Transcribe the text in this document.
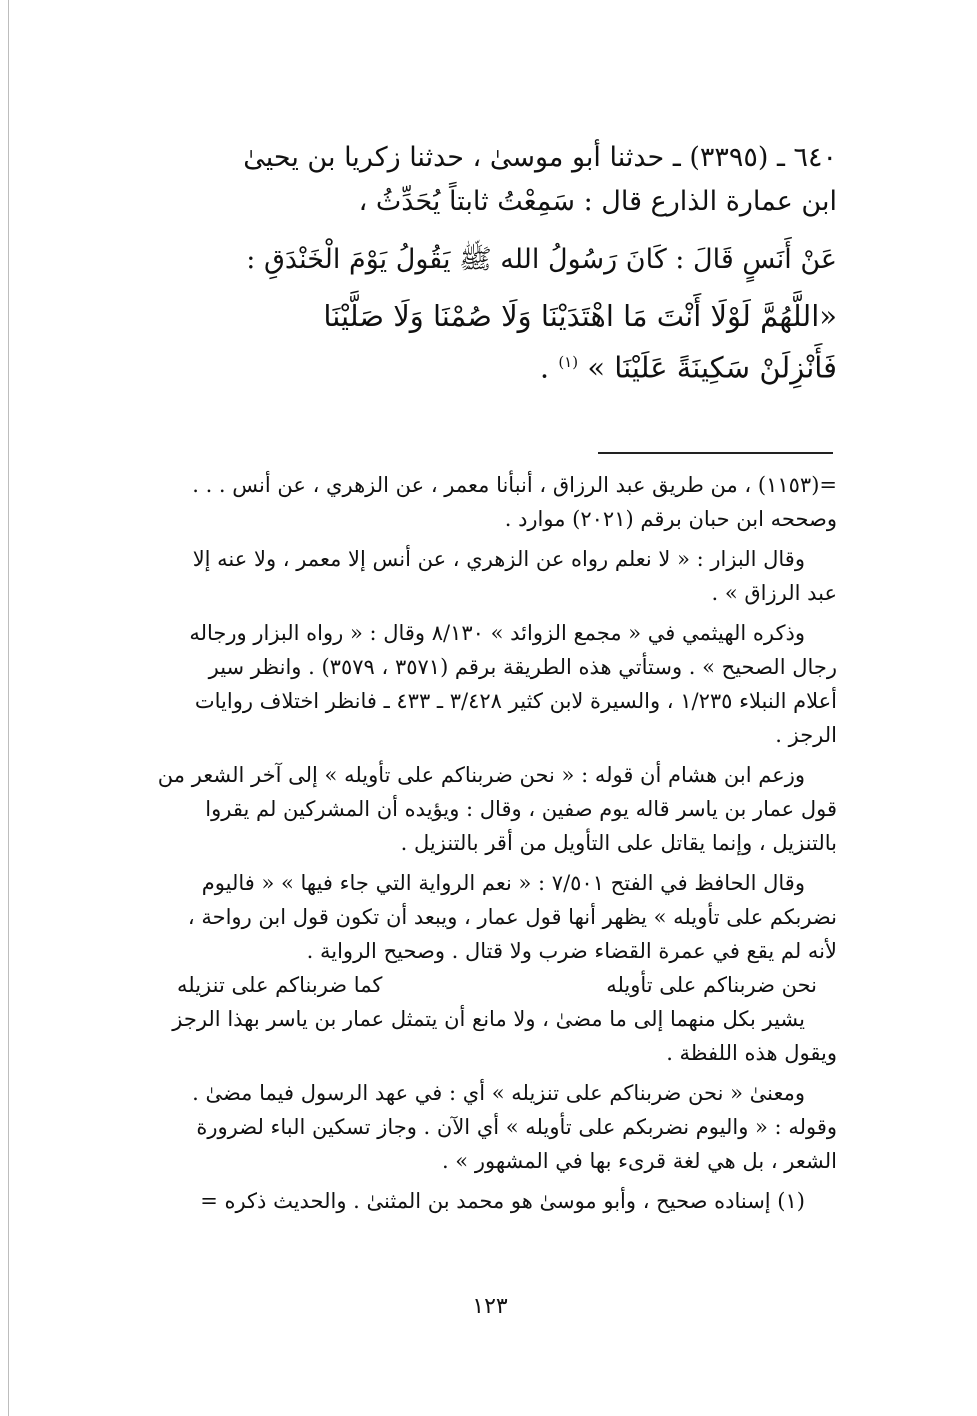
٦٤٠ ـ (٣٣٩٥) ـ حدثنا أبو موسىٰ ، حدثنا زكريا بن يحيىٰ
ابن عمارة الذارع قال : سَمِعْتُ ثابتاً يُحَدِّثُ ،
عَنْ أَنَسٍ قَالَ : كَانَ رَسُولُ الله ﷺ يَقُولُ يَوْمَ الْخَنْدَقِ :
«اللَّهُمَّ لَوْلَا أَنْتَ مَا اهْتَدَيْنَا وَلَا صُمْنَا وَلَا صَلَّيْنَا
فَأَنْزِلَنْ سَكِينَةً عَلَيْنَا » $^{(١)}$ .
=(١١٥٣) ، من طريق عبد الرزاق ، أنبأنا معمر ، عن الزهري ، عن أنس . . .
وصححه ابن حبان برقم (٢٠٢١) موارد .
وقال البزار : « لا نعلم رواه عن الزهري ، عن أنس إلا معمر ، ولا عنه إلا
عبد الرزاق » .
وذكره الهيثمي في « مجمع الزوائد » ٨/١٣٠ وقال : « رواه البزار ورجاله
رجال الصحيح » . وستأتي هذه الطريقة برقم (٣٥٧١ ، ٣٥٧٩) . وانظر سير
أعلام النبلاء ١/٢٣٥ ، والسيرة لابن كثير ٣/٤٢٨ ـ ٤٣٣ ـ فانظر اختلاف روايات
الرجز .
وزعم ابن هشام أن قوله : « نحن ضربناكم على تأويله » إلى آخر الشعر من
قول عمار بن ياسر قاله يوم صفين ، وقال : ويؤيده أن المشركين لم يقروا
بالتنزيل ، وإنما يقاتل على التأويل من أقر بالتنزيل .
وقال الحافظ في الفتح ٧/٥٠١ : « نعم الرواية التي جاء فيها » « فاليوم
نضربكم على تأويله » يظهر أنها قول عمار ، ويبعد أن تكون قول ابن رواحة ،
لأنه لم يقع في عمرة القضاء ضرب ولا قتال . وصحيح الرواية .
نحن ضربناكم على تأويله
كما ضربناكم على تنزيله
يشير بكل منهما إلى ما مضىٰ ، ولا مانع أن يتمثل عمار بن ياسر بهذا الرجز
ويقول هذه اللفظة .
ومعنىٰ « نحن ضربناكم على تنزيله » أي : في عهد الرسول فيما مضىٰ .
وقوله : « واليوم نضربكم على تأويله » أي الآن . وجاز تسكين الباء لضرورة
الشعر ، بل هي لغة قرىء بها في المشهور » .
(١) إسناده صحيح ، وأبو موسىٰ هو محمد بن المثنىٰ . والحديث ذكره =
١٢٣
